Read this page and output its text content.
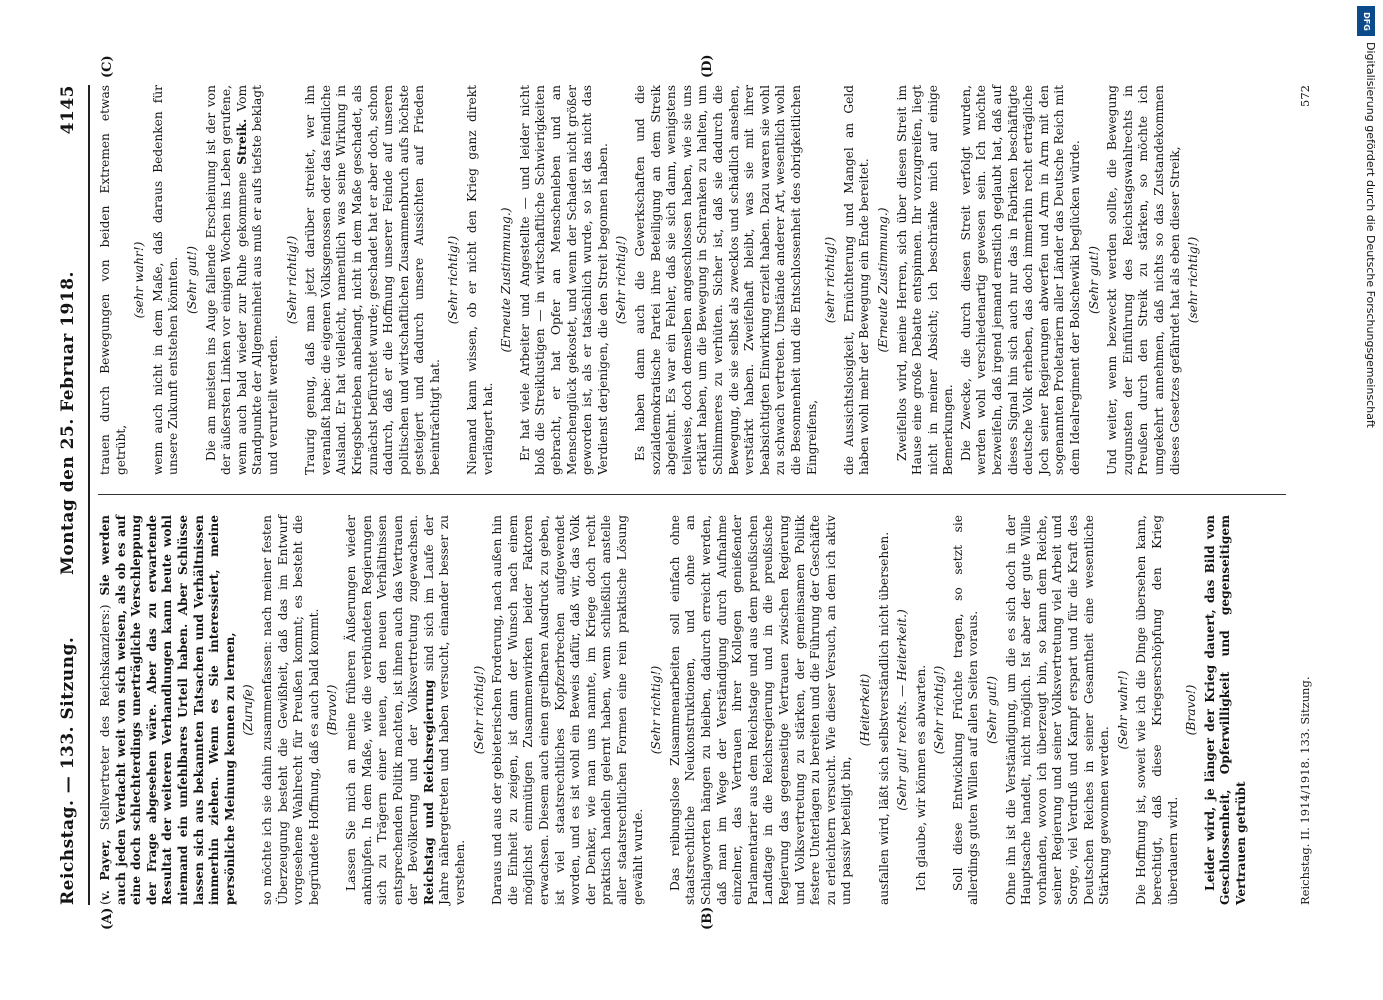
Reichstag. — 133. Sitzung.
Montag den 25. Februar 1918.
4145
(A)	(B)
(C)	(D)

(v. Payer, Stellvertreter des Reichskanzlers:) Sie werden auch jeden Verdacht weit von sich weisen, als ob es auf eine doch schlechterdings unerträgliche Verschleppung der Frage abgesehen wäre. Aber das zu erwartende Resultat der weiteren Verhandlungen kann heute wohl niemand ein unfehlbares Urteil haben. Aber Schlüsse lassen sich aus bekannten Tatsachen und Verhältnissen immerhin ziehen. Wenn es Sie interessiert, meine persönliche Meinung kennen zu lernen, (Zurufe) so möchte ich sie dahin zusammenfassen: nach meiner festen Überzeugung besteht die Gewißheit, daß das im Entwurf vorgesehene Wahlrecht für Preußen kommt; es besteht die begründete Hoffnung, daß es auch bald kommt. (Bravo!) Lassen Sie mich an meine früheren Äußerungen wieder anknüpfen. In dem Maße, wie die verbündeten Regierungen sich zu Trägern einer neuen, den neuen Verhältnissen entsprechenden Politik machten, ist ihnen auch das Vertrauen der Bevölkerung und der Volksvertretung zugewachsen. Reichstag und Reichsregierung sind sich im Laufe der Jahre nähergetreten und haben versucht, einander besser zu verstehen.

(Sehr richtig!) Daraus und aus der gebieterischen Forderung, nach außen hin die Einheit zu zeigen, ist dann der Wunsch nach einem möglichst einmütigen Zusammenwirken beider Faktoren erwachsen. Diesem auch einen greifbaren Ausdruck zu geben, ist viel staatsrechtliches Kopfzerbrechen aufgewendet worden, und es ist wohl ein Beweis dafür, daß wir, das Volk der Denker, wie man uns nannte, im Kriege doch recht praktisch handeln gelernt haben, wenn schließlich anstelle aller staatsrechtlichen Formen eine rein praktische Lösung gewählt wurde.

(Sehr richtig!) Das reibungslose Zusammenarbeiten soll einfach ohne staatsrechtliche Neukonstruktionen, und ohne an Schlagworten hängen zu bleiben, dadurch erreicht werden, daß man im Wege der Verständigung durch Aufnahme einzelner, das Vertrauen ihrer Kollegen genießender Parlamentarier aus dem Reichstage und aus dem preußischen Landtage in die Reichsregierung und in die preußische Regierung das gegenseitige Vertrauen zwischen Regierung und Volksvertretung zu stärken, der gemeinsamen Politik festere Unterlagen zu bereiten und die Führung der Geschäfte zu erleichtern versucht. Wie dieser Versuch, an dem ich aktiv und passiv beteiligt bin,

(Heiterkeit) ausfallen wird, läßt sich selbstverständlich nicht übersehen. (Sehr gut! rechts. — Heiterkeit.) Ich glaube, wir können es abwarten. (Sehr richtig!) Soll diese Entwicklung Früchte tragen, so setzt sie allerdings guten Willen auf allen Seiten voraus. (Sehr gut!) Ohne ihn ist die Verständigung, um die es sich doch in der Hauptsache handelt, nicht möglich. Ist aber der gute Wille vorhanden, wovon ich überzeugt bin, so kann dem Reiche, seiner Regierung und seiner Volksvertretung viel Arbeit und Sorge, viel Verdruß und Kampf erspart und für die Kraft des Deutschen Reiches in seiner Gesamtheit eine wesentliche Stärkung gewonnen werden.

(Sehr wahr!) Die Hoffnung ist, soweit wie ich die Dinge übersehen kann, berechtigt, daß diese Kriegserschöpfung den Krieg überdauern wird.

(Bravo!) Leider wird, je länger der Krieg dauert, das Bild von Geschlossenheit, Opferwilligkeit und gegenseitigem Vertrauen getrübt

trauen durch Bewegungen von beiden Extremen etwas getrübt,

(sehr wahr!) wenn auch nicht in dem Maße, daß daraus Bedenken für unsere Zukunft entstehen könnten. (Sehr gut!) Die am meisten ins Auge fallende Erscheinung ist der von der äußersten Linken vor einigen Wochen ins Leben gerufene, wenn auch bald wieder zur Ruhe gekommene Streik. Vom Standpunkte der Allgemeinheit aus muß er aufs tiefste beklagt und verurteilt werden.

(Sehr richtig!) Traurig genug, daß man jetzt darüber streitet, wer ihn veranlaßt habe: die eigenen Volksgenossen oder das feindliche Ausland. Er hat vielleicht, namentlich was seine Wirkung in Kriegsbetrieben anbelangt, nicht in dem Maße geschadet, als zunächst befürchtet wurde; geschadet hat er aber doch, schon dadurch, daß er die Hoffnung unserer Feinde auf unseren politischen und wirtschaftlichen Zusammenbruch aufs höchste gesteigert und dadurch unsere Aussichten auf Frieden beeinträchtigt hat.

(Sehr richtig!) Niemand kann wissen, ob er nicht den Krieg ganz direkt verlängert hat.

(Erneute Zustimmung.) Er hat viele Arbeiter und Angestellte — und leider nicht bloß die Streiklustigen — in wirtschaftliche Schwierigkeiten gebracht, er hat Opfer an Menschenleben und an Menschenglück gekostet, und wenn der Schaden nicht größer geworden ist, als er tatsächlich wurde, so ist das nicht das Verdienst derjenigen, die den Streit begonnen haben. (Sehr richtig!) Es haben dann auch die Gewerkschaften und die sozialdemokratische Partei ihre Beteiligung an dem Streik abgelehnt. Es war ein Fehler, daß sie sich dann, wenigstens teilweise, doch demselben angeschlossen haben, wie sie uns erklärt haben, um die Bewegung in Schranken zu halten, um Schlimmeres zu verhüten. Sicher ist, daß sie dadurch die Bewegung, die sie selbst als zwecklos und schädlich ansehen, verstärkt haben. Zweifelhaft bleibt, was sie mit ihrer beabsichtigten Einwirkung erzielt haben. Dazu waren sie wohl zu schwach vertreten. Umstände anderer Art, wesentlich wohl die Besonnenheit und die Entschlossenheit des obrigkeitlichen Eingreifens,

(sehr richtig!) die Aussichtslosigkeit, Ernüchterung und Mangel an Geld haben wohl mehr der Bewegung ein Ende bereitet. (Erneute Zustimmung.) Zweifellos wird, meine Herren, sich über diesen Streit im Hause eine große Debatte entspinnen. Ihr vorzugreifen, liegt nicht in meiner Absicht; ich beschränke mich auf einige Bemerkungen. Die Zwecke, die durch diesen Streit verfolgt wurden, werden wohl verschiedenartig gewesen sein. Ich möchte bezweifeln, daß irgend jemand ernstlich geglaubt hat, daß auf dieses Signal hin sich auch nur das in Fabriken beschäftigte deutsche Volk erheben, das doch immerhin recht erträgliche Joch seiner Regierungen abwerfen und Arm in Arm mit den sogenannten Proletariern aller Länder das Deutsche Reich mit dem Idealregiment der Bolschewiki beglücken würde. (Sehr gut!) Und weiter, wenn bezweckt werden sollte, die Bewegung zugunsten der Einführung des Reichstagswahlrechts in Preußen durch den Streik zu stärken, so möchte ich umgekehrt annehmen, daß nichts so das Zustandekommen dieses Gesetzes gefährdet hat als eben dieser Streik, (sehr richtig!)

Reichstag. II. 1914/1918. 133. Sitzung.
572
DFG
Digitalisierung gefördert durch die Deutsche Forschungsgemeinschaft
